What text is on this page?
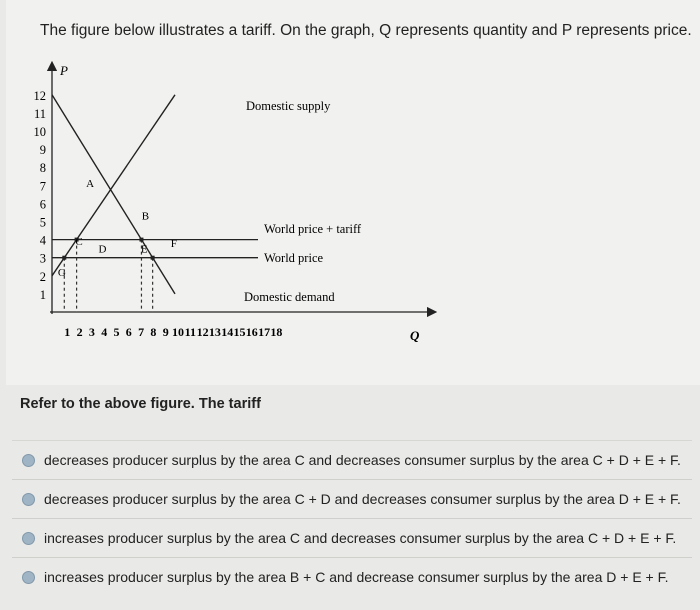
The figure below illustrates a tariff. On the graph, Q represents quantity and P represents price.
P
Q
12
11
10
9
8
7
6
5
4
3
2
1
1 2 3 4 5 6 7 8 9 10 11 12 13 14 15 16 17 18
Domestic supply
Domestic demand
World price + tariff
World price
A
B
C
D	E F
G
Refer to the above figure. The tariff
decreases producer surplus by the area C and decreases consumer surplus by the area C + D + E + F.
decreases producer surplus by the area C + D and decreases consumer surplus by the area D + E + F.
increases producer surplus by the area C and decreases consumer surplus by the area C + D + E + F.
increases producer surplus by the area B + C and decrease consumer surplus by the area D + E + F.
